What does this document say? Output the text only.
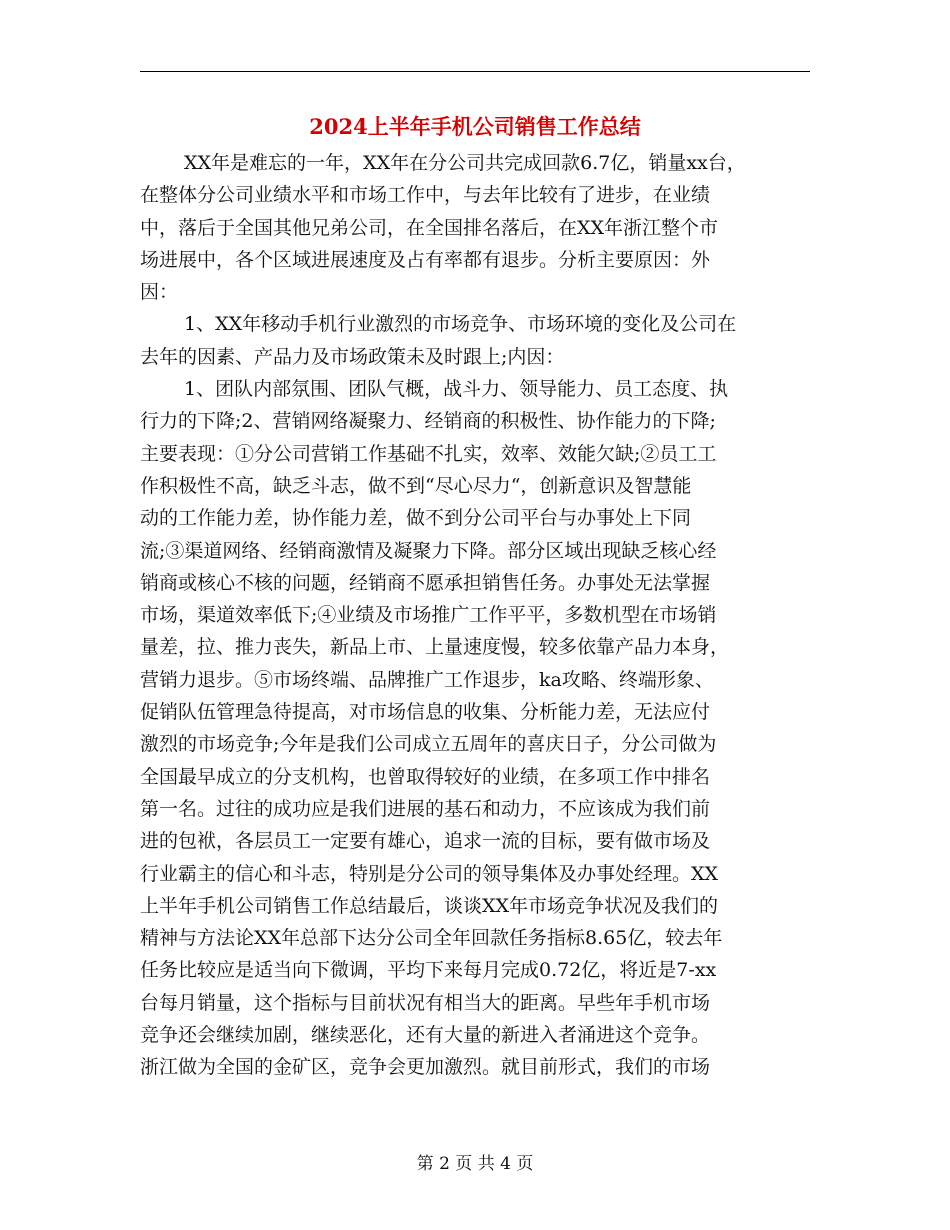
2024上半年手机公司销售工作总结
XX年是难忘的一年，XX年在分公司共完成回款6.7亿，销量xx台，
在整体分公司业绩水平和市场工作中，与去年比较有了进步，在业绩
中，落后于全国其他兄弟公司，在全国排名落后，在XX年浙江整个市
场进展中，各个区域进展速度及占有率都有退步。分析主要原因：外
因：
1、XX年移动手机行业激烈的市场竞争、市场环境的变化及公司在
去年的因素、产品力及市场政策未及时跟上;内因：
1、团队内部氛围、团队气概，战斗力、领导能力、员工态度、执
行力的下降;2、营销网络凝聚力、经销商的积极性、协作能力的下降;
主要表现：①分公司营销工作基础不扎实，效率、效能欠缺;②员工工
作积极性不高，缺乏斗志，做不到“尽心尽力“，创新意识及智慧能
动的工作能力差，协作能力差，做不到分公司平台与办事处上下同
流;③渠道网络、经销商激情及凝聚力下降。部分区域出现缺乏核心经
销商或核心不核的问题，经销商不愿承担销售任务。办事处无法掌握
市场，渠道效率低下;④业绩及市场推广工作平平，多数机型在市场销
量差，拉、推力丧失，新品上市、上量速度慢，较多依靠产品力本身，
营销力退步。⑤市场终端、品牌推广工作退步，ka攻略、终端形象、
促销队伍管理急待提高，对市场信息的收集、分析能力差，无法应付
激烈的市场竞争;今年是我们公司成立五周年的喜庆日子，分公司做为
全国最早成立的分支机构，也曾取得较好的业绩，在多项工作中排名
第一名。过往的成功应是我们进展的基石和动力，不应该成为我们前
进的包袱，各层员工一定要有雄心，追求一流的目标，要有做市场及
行业霸主的信心和斗志，特别是分公司的领导集体及办事处经理。XX
上半年手机公司销售工作总结最后，谈谈XX年市场竞争状况及我们的
精神与方法论XX年总部下达分公司全年回款任务指标8.65亿，较去年
任务比较应是适当向下微调，平均下来每月完成0.72亿，将近是7-xx
台每月销量，这个指标与目前状况有相当大的距离。早些年手机市场
竞争还会继续加剧，继续恶化，还有大量的新进入者涌进这个竞争。
浙江做为全国的金矿区，竞争会更加激烈。就目前形式，我们的市场
第 2 页 共 4 页
